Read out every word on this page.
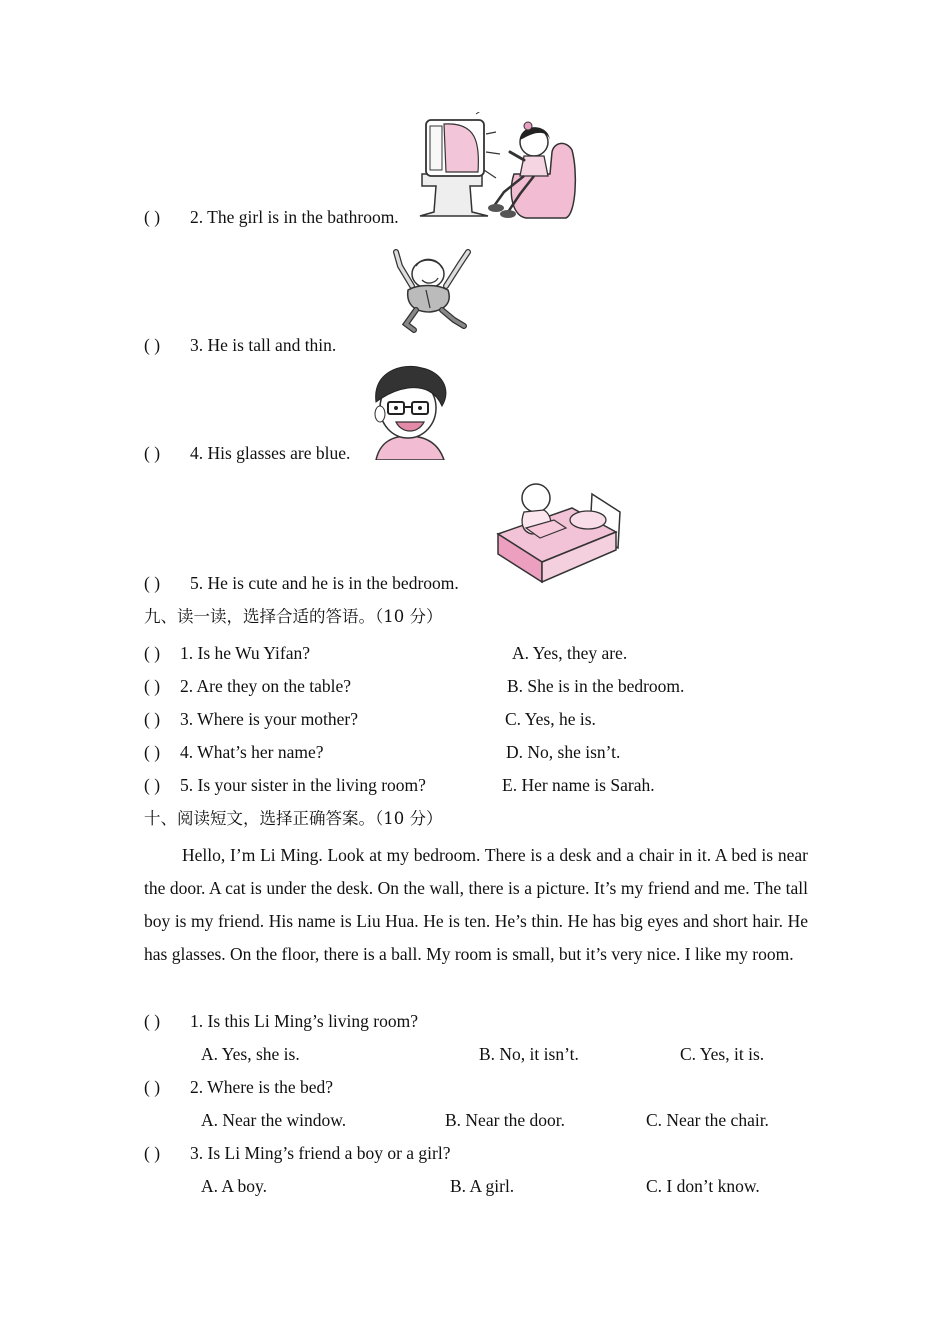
( ) 2. The girl is in the bathroom.
( ) 3. He is tall and thin.
( ) 4. His glasses are blue.
( ) 5. He is cute and he is in the bedroom.
九、读一读，选择合适的答语。（10 分）
( ) 1. Is he Wu Yifan?	A. Yes, they are.
( ) 2. Are they on the table?	B. She is in the bedroom.
( ) 3. Where is your mother?	C. Yes, he is.
( ) 4. What’s her name?	D. No, she isn’t.
( ) 5. Is your sister in the living room?	E. Her name is Sarah.
十、阅读短文，选择正确答案。（10 分）
Hello, I’m Li Ming. Look at my bedroom. There is a desk and a chair in it. A bed is near the door. A cat is under the desk. On the wall, there is a picture. It’s my friend and me. The tall boy is my friend. His name is Liu Hua. He is ten. He’s thin. He has big eyes and short hair. He has glasses. On the floor, there is a ball. My room is small, but it’s very nice. I like my room.
( ) 1. Is this Li Ming’s living room?
A. Yes, she is.	B. No, it isn’t.	C. Yes, it is.
( ) 2. Where is the bed?
A. Near the window.	B. Near the door.	C. Near the chair.
( ) 3. Is Li Ming’s friend a boy or a girl?
A. A boy.	B. A girl.	C. I don’t know.
